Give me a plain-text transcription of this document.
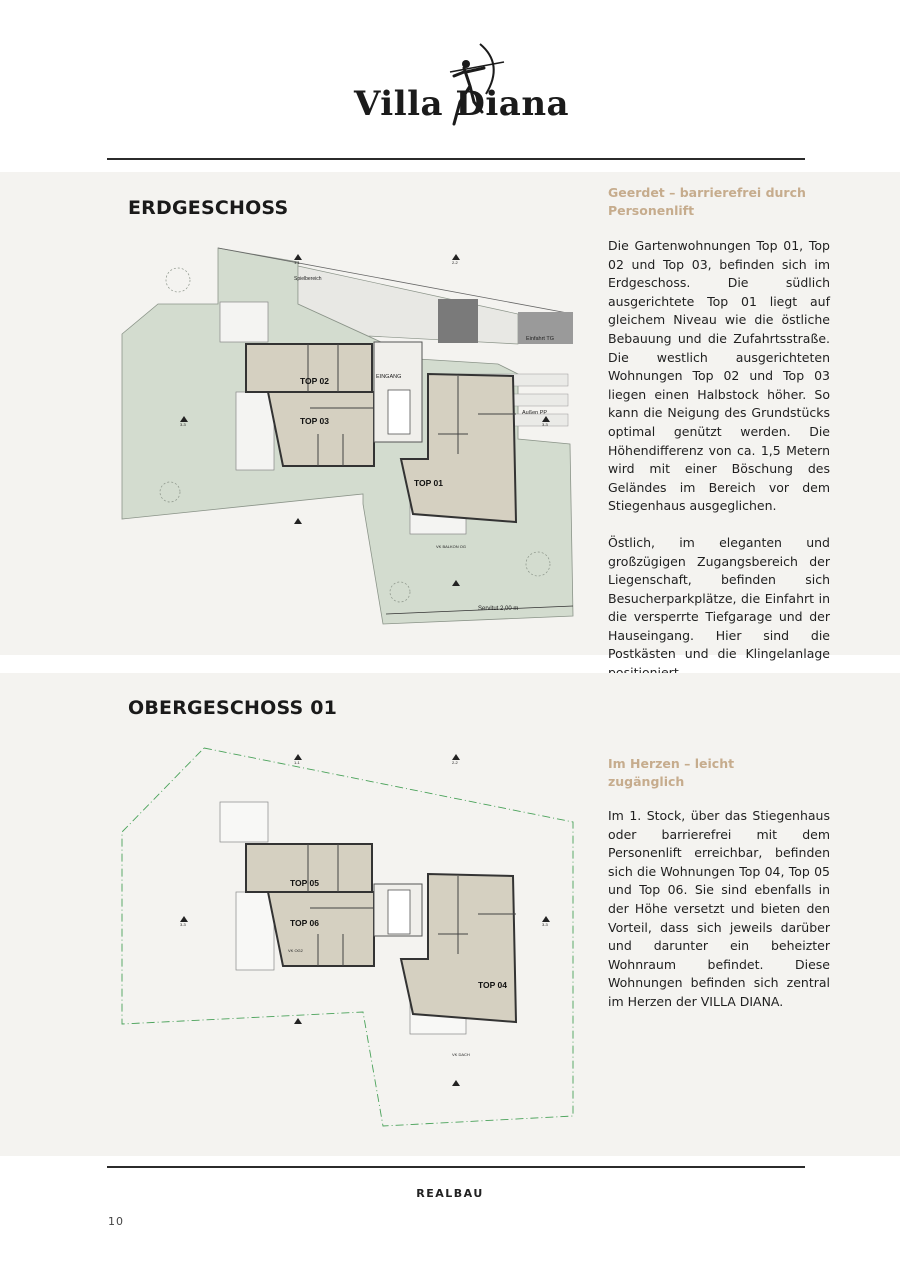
Villa Diana
ERDGESCHOSS
TOP 02
TOP 03
TOP 01
EINGANG
Einfahrt TG
Außen PP
Spielbereich
Servitut 2,00 m
VK BALKON OG
3-3	3-3
2-2
1-1
Geerdet – barrierefrei durch Personenlift

Die Gartenwohnungen Top 01, Top 02 und Top 03, befinden sich im Erdgeschoss. Die südlich ausgerichtete Top 01 liegt auf gleichem Niveau wie die östliche Bebauung und die Zufahrtsstraße. Die westlich ausgerichteten Wohnungen Top 02 und Top 03 liegen einen Halbstock höher. So kann die Neigung des Grundstücks optimal genützt werden. Die Höhendifferenz von ca. 1,5 Metern wird mit einer Böschung des Geländes im Bereich vor dem Stiegenhaus ausgeglichen.

Östlich, im eleganten und großzügigen Zugangsbereich der Liegenschaft, befinden sich Besucherparkplätze, die Einfahrt in die versperrte Tiefgarage und der Hauseingang. Hier sind die Postkästen und die Klingelanlage

OBERGESCHOSS 01
TOP 05
TOP 06
TOP 04
VK OG2
VK DACH
3-3	3-3
2-2
1-1	Im Herzen – leicht zugänglich

Im 1. Stock, über das Stiegenhaus oder barrierefrei mit dem Personenlift erreichbar, befinden sich die Wohnungen Top 04, Top 05 und Top 06. Sie sind ebenfalls in der Höhe versetzt und bieten den Vorteil, dass sich jeweils darüber und darunter ein beheizter Wohnraum befindet. Diese Wohnungen befinden sich zentral im Herzen der VILLA DIANA.

REALBAU
10
